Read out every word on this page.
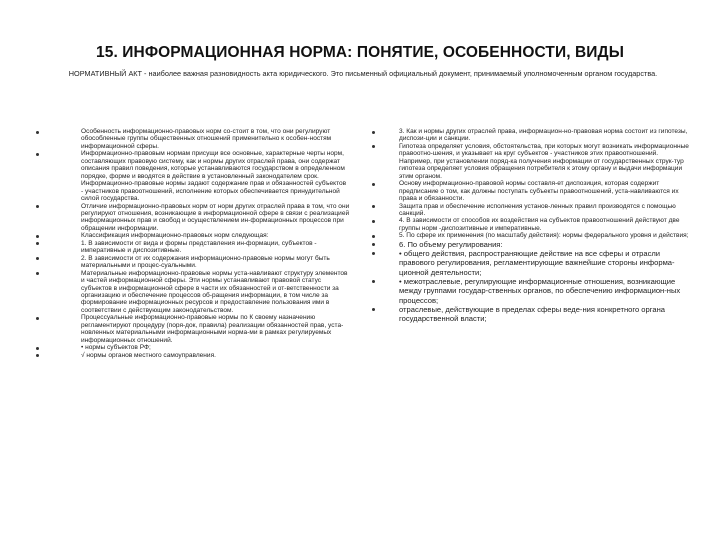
15. ИНФОРМАЦИОННАЯ НОРМА: ПОНЯТИЕ, ОСОБЕННОСТИ, ВИДЫ
НОРМАТИВНЫЙ АКТ - наиболее важная разновидность акта юридического. Это письменный официальный документ, принимаемый уполномоченным органом государства.
Особенность информационно-правовых норм со-стоит в том, что они регулируют обособленные группы общественных отношений применительно к особен-ностям информационной сферы.
Информационно-правовым нормам присущи все основные, характерные черты норм, составляющих правовую систему, как и нормы других отраслей права, они содержат описания правил поведения, которые устанавливаются государством в определенном порядке, форме и вводятся в действие в установленный законодателем срок. Информационно-правовые нормы задают содержание прав и обязанностей субъектов - участников правоотношений, исполнение которых обеспечивается принудительной силой государства.
Отличие информационно-правовых норм от норм других отраслей права в том, что они регулируют отношения, возникающие в информационной сфере в связи с реализацией информационных прав и свобод и осуществлением ин-формационных процессов при обращении информации.
Классификация информационно-правовых норм следующая:
1. В зависимости от вида и формы представления ин-формации, субъектов - императивные и диспозитивные.
2. В зависимости от их содержания информационно-правовые нормы могут быть материальными и процес-суальными.
Материальные информационно-правовые нормы уста-навливают структуру элементов и частей информационной сферы. Эти нормы устанавливают правовой статус субъектов в информационной сфере в части их обязанностей и от-ветственности за организацию и обеспечение процессов об-ращения информации, в том числе за формирование информационных ресурсов и предоставление пользования ими в соответствии с действующим законодательством.
Процессуальные информационно-правовые нормы по К своему назначению регламентируют процедуру (поря-док, правила) реализации обязанностей прав, уста-новленных материальными информационными норма-ми в рамках регулируемых информационных отношений.
• нормы субъектов РФ;
√ нормы органов местного самоуправления.
3. Как и нормы других отраслей права, информацион-но-правовая норма состоит из гипотезы, диспози-ции и санкции.
Гипотеза определяет условия, обстоятельства, при которых могут возникать информационные правоотно-шения, и указывает на круг субъектов - участников этих правоотношений. Например, при установлении поряд-ка получения информации от государственных струк-тур гипотеза определяет условия обращения потребителя к этому органу и выдачи информации этим органом.
Основу информационно-правовой нормы составля-ет диспозиция, которая содержит предписание о том, как должны поступать субъекты правоотношений, уста-навливаются их права и обязанности.
Защита прав и обеспечение исполнения установ-ленных правил производятся с помощью санкций.
4. В зависимости от способов их воздействия на субъектов правоотношений действуют две группы норм -диспозитивные и императивные.
5. По сфере их применения (по масштабу действия): нормы федерального уровня и действия;
6. По объему регулирования:
• общего действия, распространяющие действие на все сферы и отрасли правового регулирования, регламентирующие важнейшие стороны информа-ционной деятельности;
• межотраслевые, регулирующие информационные отношения, возникающие между группами государ-ственных органов, по обеспечению информацион-ных процессов;
отраслевые, действующие в пределах сферы веде-ния конкретного органа государственной власти;
